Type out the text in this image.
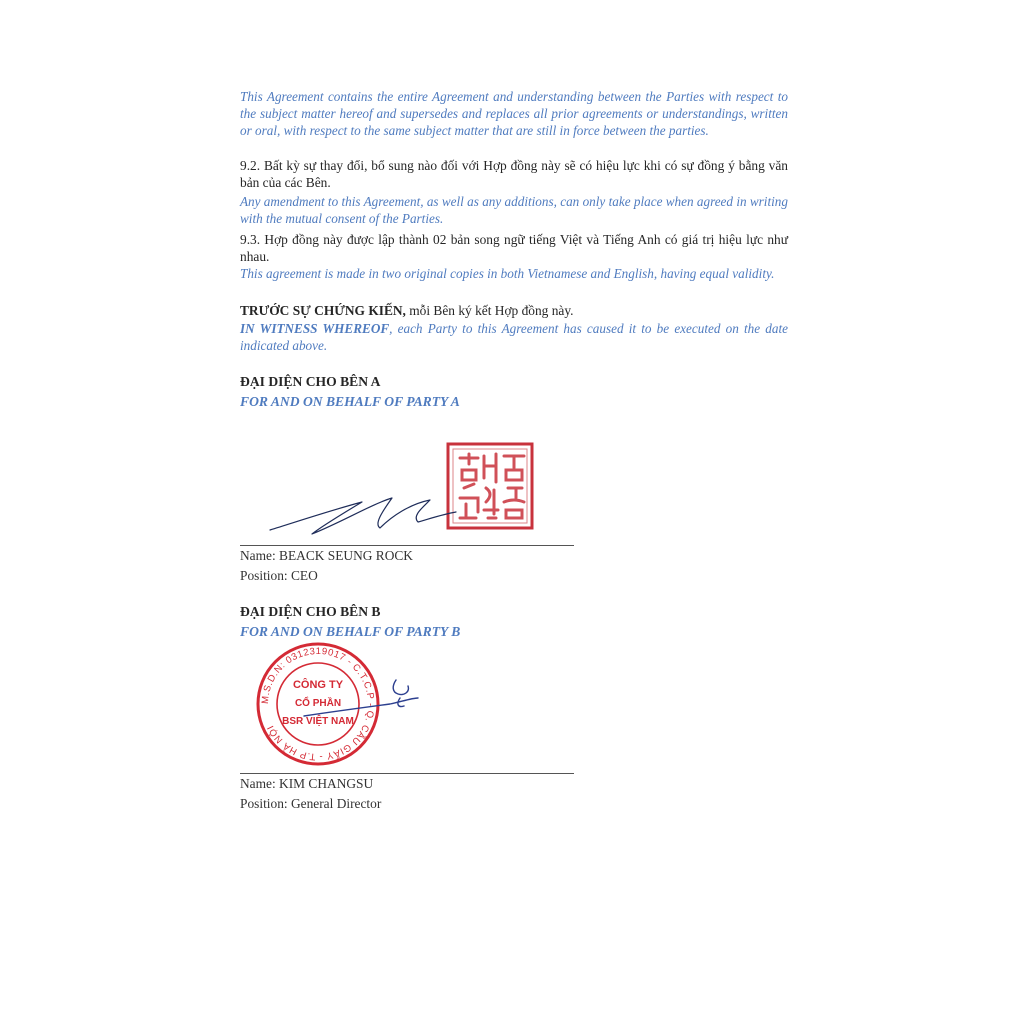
This Agreement contains the entire Agreement and understanding between the Parties with respect to the subject matter hereof and supersedes and replaces all prior agreements or understandings, written or oral, with respect to the same subject matter that are still in force between the parties.

9.2. Bất kỳ sự thay đổi, bổ sung nào đối với Hợp đồng này sẽ có hiệu lực khi có sự đồng ý bằng văn bản của các Bên.

Any amendment to this Agreement, as well as any additions, can only take place when agreed in writing with the mutual consent of the Parties.

9.3. Hợp đồng này được lập thành 02 bản song ngữ tiếng Việt và Tiếng Anh có giá trị hiệu lực như nhau.

This agreement is made in two original copies in both Vietnamese and English, having equal validity.

TRƯỚC SỰ CHỨNG KIẾN, mỗi Bên ký kết Hợp đồng này.

IN WITNESS WHEREOF, each Party to this Agreement has caused it to be executed on the date indicated above.

ĐẠI DIỆN CHO BÊN A
FOR AND ON BEHALF OF PARTY A
Name: BEACK SEUNG ROCK
Position: CEO
ĐẠI DIỆN CHO BÊN B
FOR AND ON BEHALF OF PARTY B
M.S.D.N: 0312319017 - C.T.C.P - Q. CẦU GIẤY - T.P HÀ NỘI
CÔNG TY
CỔ PHẦN
BSR VIỆT NAM
Name: KIM CHANGSU
Position: General Director
